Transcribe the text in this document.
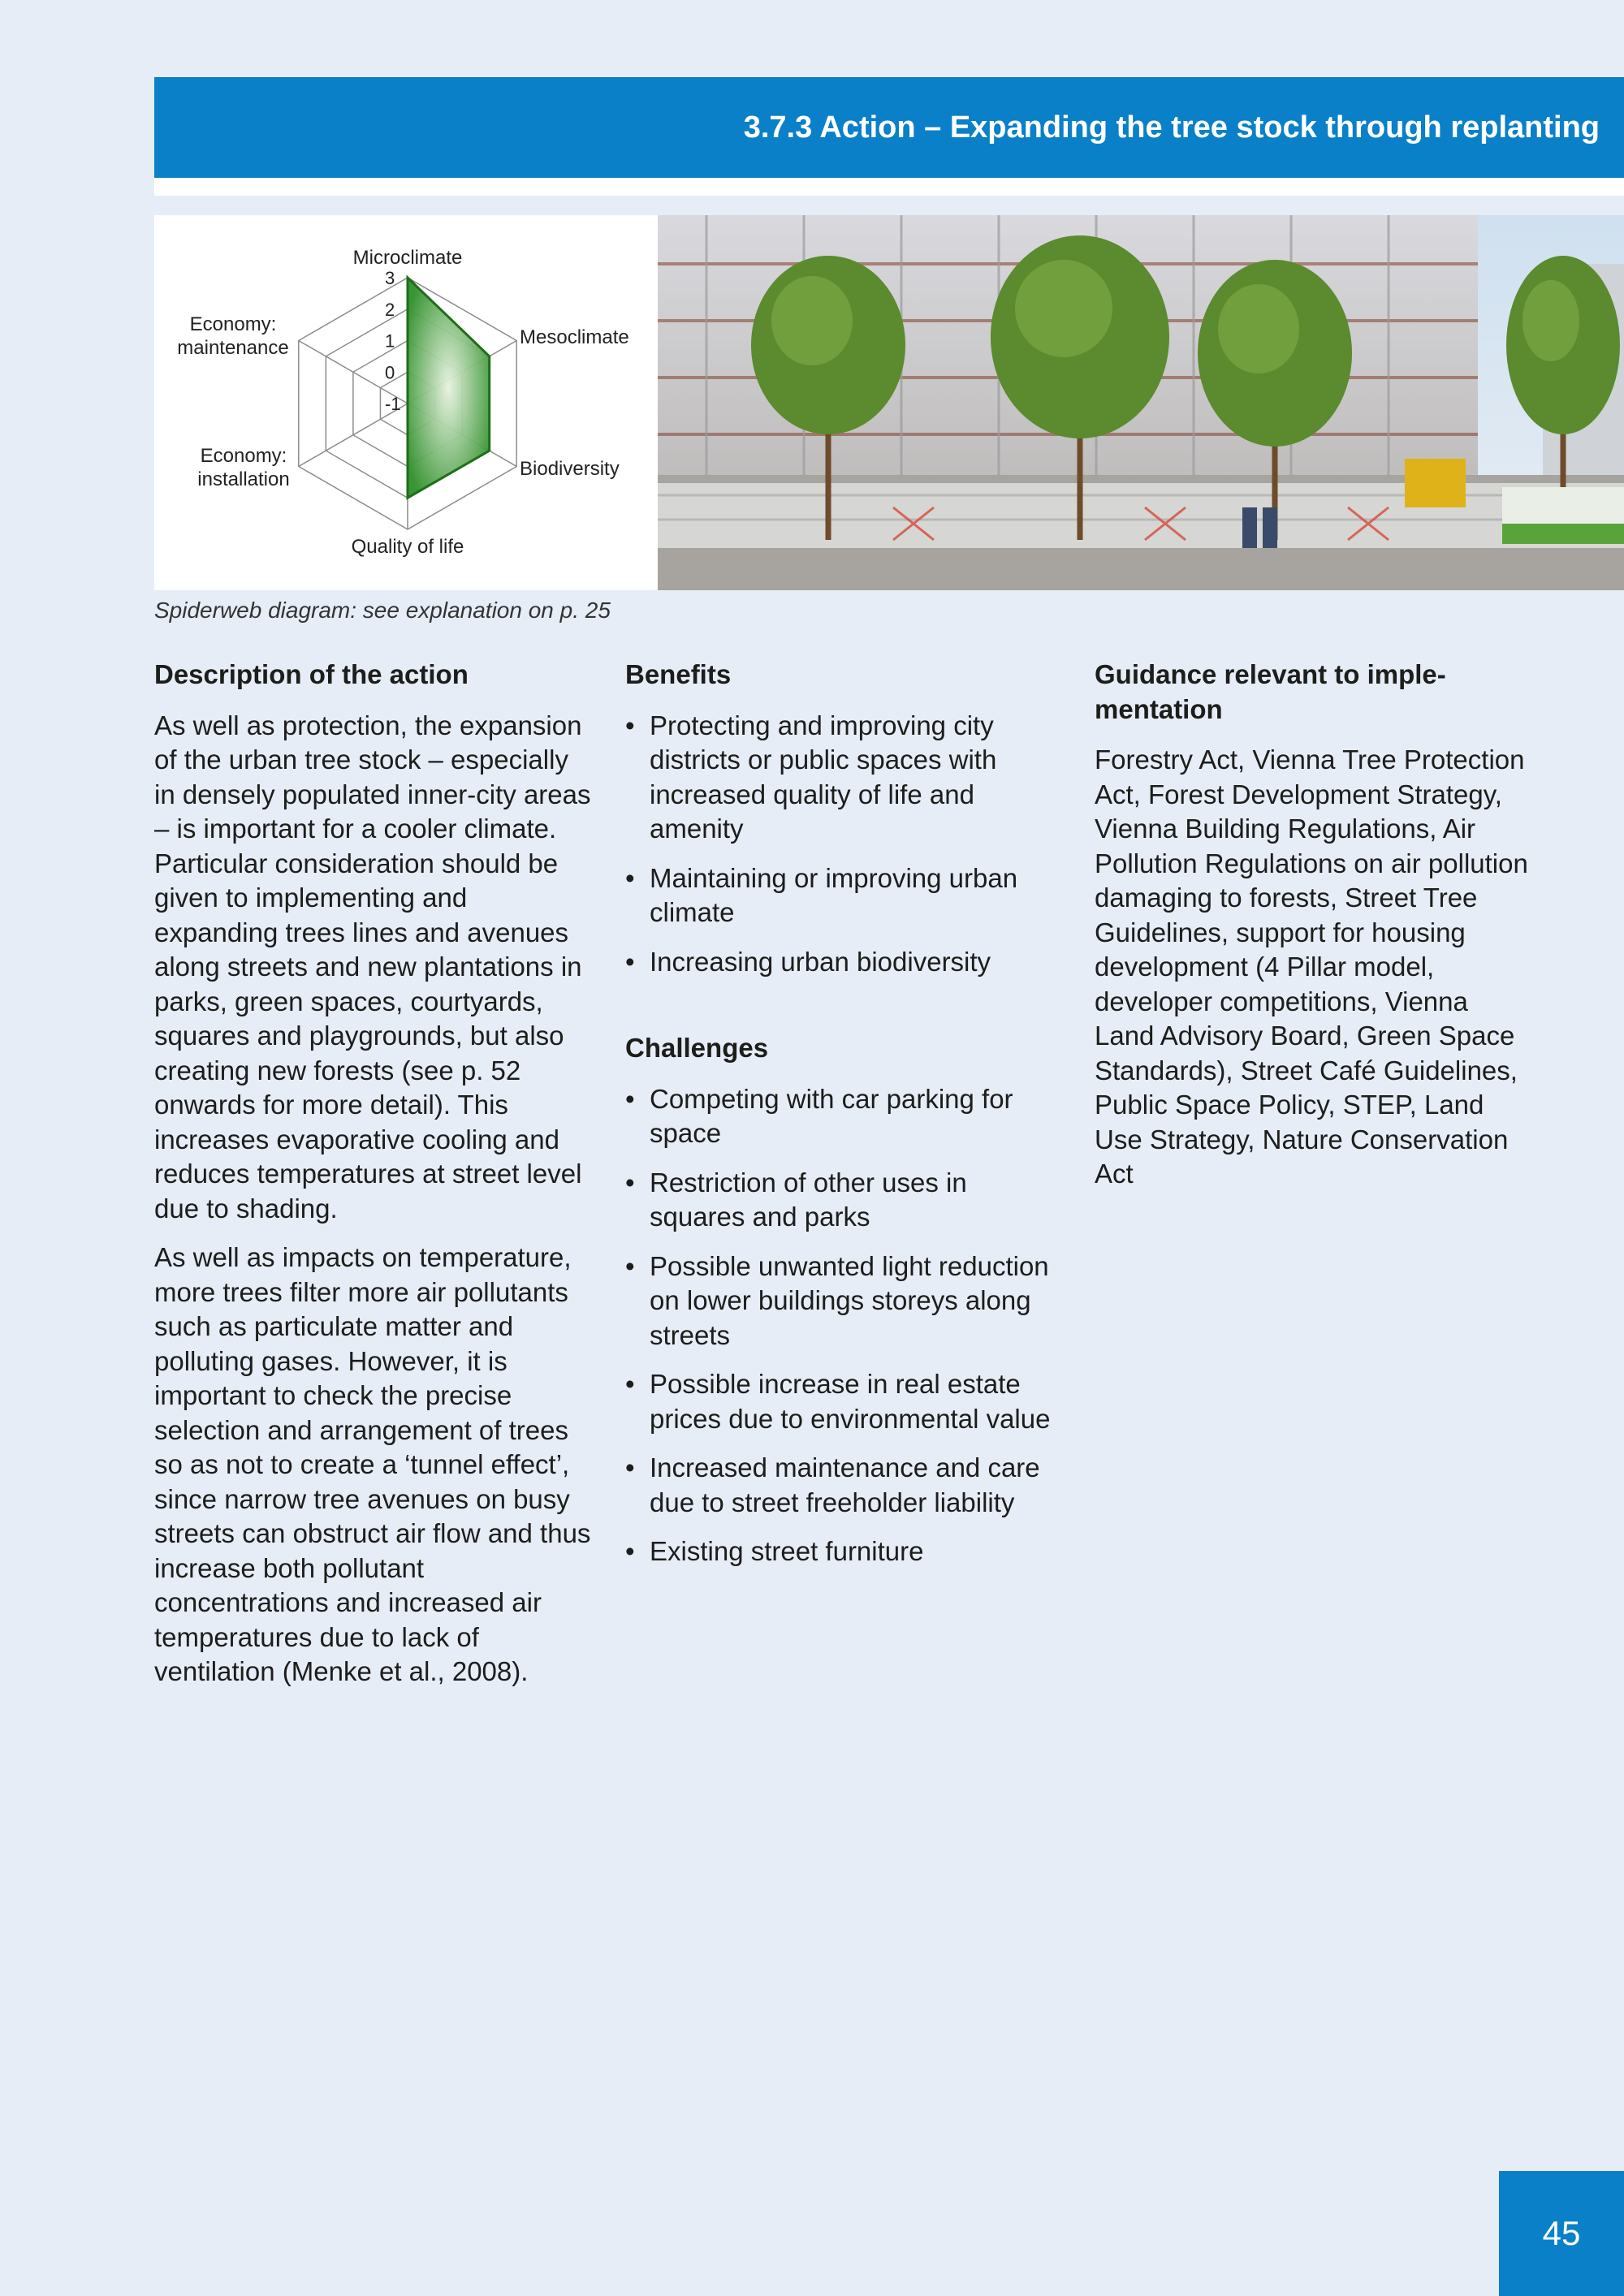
3.7.3 Action – Expanding the tree stock through replanting
3
2
1
0
-1
Microclimate
Mesoclimate
Biodiversity
Quality of life
Economy:
installation
Economy:
maintenance
Spiderweb diagram: see explanation on p. 25
Description of the action

As well as protection, the expansion of the urban tree stock – especially in densely populated inner-city areas – is important for a cooler climate. Particular consideration should be given to implementing and expanding trees lines and avenues along streets and new plantations in parks, green spaces, courtyards, squares and playgrounds, but also creating new forests (see p. 52 onwards for more detail). This increases evaporative cooling and reduces temperatures at street level due to shading.

As well as impacts on temperature, more trees filter more air pollutants such as particulate matter and polluting gases. However, it is important to check the precise selection and arrangement of trees so as not to create a ‘tunnel effect’, since narrow tree avenues on busy streets can obstruct air flow and thus increase both pollutant concentrations and increased air temperatures due to lack of ventilation (Menke et al., 2008).

Benefits
• Protecting and improving city districts or public spaces with increased quality of life and amenity
• Maintaining or improving urban climate
• Increasing urban biodiversity
Challenges
• Competing with car parking for space
• Restriction of other uses in squares and parks
• Possible unwanted light reduction on lower buildings storeys along streets
• Possible increase in real estate prices due to environmental value
• Increased maintenance and care due to street freeholder liability
• Existing street furniture
Guidance relevant to implementation

Forestry Act, Vienna Tree Protection Act, Forest Development Strategy, Vienna Building Regulations, Air Pollution Regulations on air pollution damaging to forests, Street Tree Guidelines, support for housing development (4 Pillar model, developer competitions, Vienna Land Advisory Board, Green Space Standards), Street Café Guidelines, Public Space Policy, STEP, Land Use Strategy, Nature Conservation Act

45
